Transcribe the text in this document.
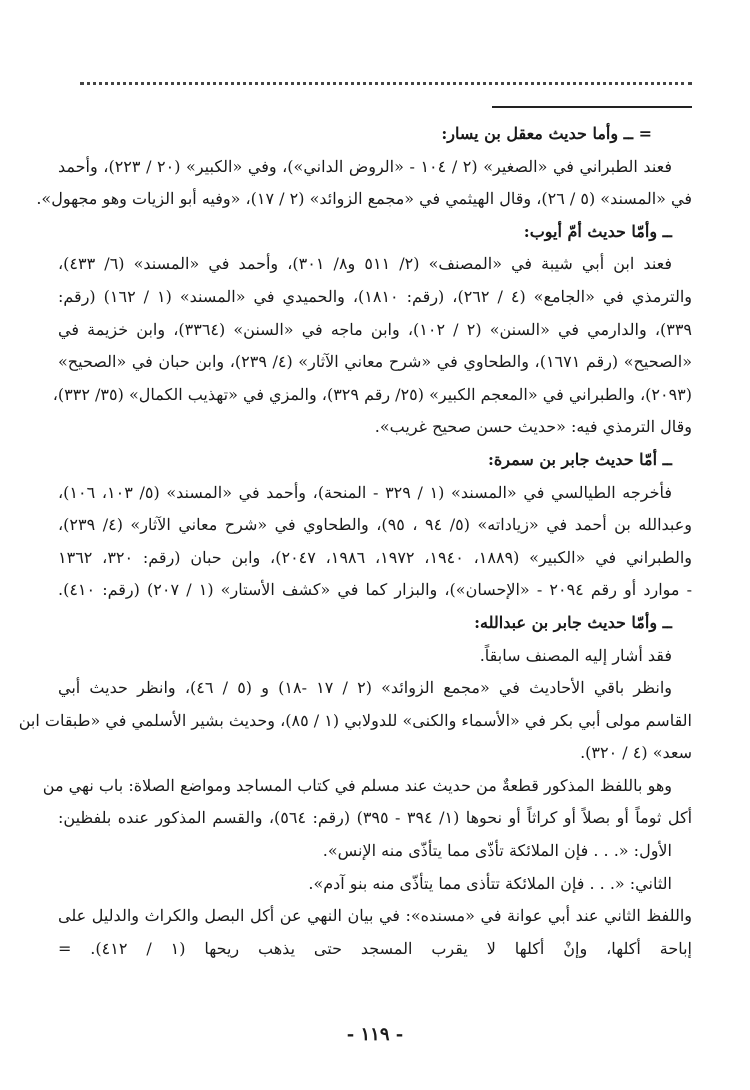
= ــ وأما حديث معقل بن يسار:
فعند الطبراني في «الصغير» (٢ / ١٠٤ - «الروض الداني»)، وفي «الكبير» (٢٠ / ٢٢٣)، وأحمد
في «المسند» (٥ / ٢٦)، وقال الهيثمي في «مجمع الزوائد» (٢ / ١٧)، «وفيه أبو الزيات وهو مجهول».
ــ وأمّا حديث أمّ أيوب:
فعند ابن أبي شيبة في «المصنف» (٢/ ٥١١ و٨/ ٣٠١)، وأحمد في «المسند» (٦/ ٤٣٣)،
والترمذي في «الجامع» (٤ / ٢٦٢)، (رقم: ١٨١٠)، والحميدي في «المسند» (١ / ١٦٢) (رقم:
٣٣٩)، والدارمي في «السنن» (٢ / ١٠٢)، وابن ماجه في «السنن» (٣٣٦٤)، وابن خزيمة في
«الصحيح» (رقم ١٦٧١)، والطحاوي في «شرح معاني الآثار» (٤/ ٢٣٩)، وابن حبان في «الصحيح»
(٢٠٩٣)، والطبراني في «المعجم الكبير» (٢٥/ رقم ٣٢٩)، والمزي في «تهذيب الكمال» (٣٥/ ٣٣٢)،
وقال الترمذي فيه: «حديث حسن صحيح غريب».
ــ أمّا حديث جابر بن سمرة:
فأخرجه الطيالسي في «المسند» (١ / ٣٢٩ - المنحة)، وأحمد في «المسند» (٥/ ١٠٣، ١٠٦)،
وعبدالله بن أحمد في «زياداته» (٥/ ٩٤ ، ٩٥)، والطحاوي في «شرح معاني الآثار» (٤/ ٢٣٩)،
والطبراني في «الكبير» (١٨٨٩، ١٩٤٠، ١٩٧٢، ١٩٨٦، ٢٠٤٧)، وابن حبان (رقم: ٣٢٠، ١٣٦٢
- موارد أو رقم ٢٠٩٤ - «الإحسان»)، والبزار كما في «كشف الأستار» (١ / ٢٠٧) (رقم: ٤١٠).
ــ وأمّا حديث جابر بن عبدالله:
فقد أشار إليه المصنف سابقاً.
وانظر باقي الأحاديث في «مجمع الزوائد» (٢ / ١٧ -١٨) و (٥ / ٤٦)، وانظر حديث أبي
القاسم مولى أبي بكر في «الأسماء والكنى» للدولابي (١ / ٨٥)، وحديث بشير الأسلمي في «طبقات ابن
سعد» (٤ / ٣٢٠).
وهو باللفظ المذكور قطعةٌ من حديث عند مسلم في كتاب المساجد ومواضع الصلاة: باب نهي من
أكل ثوماً أو بصلاً أو كراثاً أو نحوها (١/ ٣٩٤ - ٣٩٥) (رقم: ٥٦٤)، والقسم المذكور عنده بلفظين:
الأول: «. . . فإن الملائكة تأذّى مما يتأذّى منه الإنس».
الثاني: «. . . فإن الملائكة تتأذى مما يتأذّى منه بنو آدم».
واللفظ الثاني عند أبي عوانة في «مسنده»: في بيان النهي عن أكل البصل والكراث والدليل على
إباحة أكلها، وإنْ أكلها لا يقرب المسجد حتى يذهب ريحها (١ / ٤١٢). =
- ١١٩ -
